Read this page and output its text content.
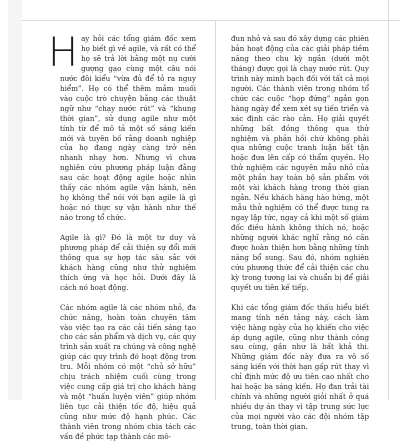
H ay hỏi các tổng giám đốc xem họ biết gì về agile, và rất có thể họ sẽ trả lời bằng một nụ cười gượng gạo cùng một câu nói nước đôi kiểu “vừa đủ để tỏ ra nguy hiểm”. Họ có thể thêm mắm muối vào cuộc trò chuyện bằng các thuật ngữ như “chạy nước rút” và “khung thời gian”, sử dụng agile như một tính từ để mô tả một số sáng kiến mới và tuyên bố rằng doanh nghiệp của họ đang ngày càng trở nên nhanh nhạy hơn. Nhưng vì chưa nghiên cứu phương pháp luận đằng sau các hoạt động agile hoặc nhìn thấy các nhóm agile vận hành, nên họ không thể nói với bạn agile là gì hoặc nó thực sự vận hành như thế nào trong tổ chức.

Agile là gì? Đó là một tư duy và phương pháp để cải thiện sự đổi mới thông qua sự hợp tác sâu sắc với khách hàng cũng như thử nghiệm thích ứng và học hỏi. Dưới đây là cách nó hoạt động.

Các nhóm agile là các nhóm nhỏ, đa chức năng, hoàn toàn chuyên tâm vào việc tạo ra các cải tiến sáng tạo cho các sản phẩm và dịch vụ, các quy trình sản xuất ra chúng và công nghệ giúp các quy trình đó hoạt động trơn tru. Mỗi nhóm có một “chủ sở hữu” chịu trách nhiệm cuối cùng trong việc cung cấp giá trị cho khách hàng và một “huấn luyện viên” giúp nhóm liên tục cải thiện tốc độ, hiệu quả cũng như mức độ hạnh phúc. Các thành viên trong nhóm chia tách các vấn đề phức tạp thành các mô-

đun nhỏ và sau đó xây dựng các phiên bản hoạt động của các giải pháp tiềm năng theo chu kỳ ngắn (dưới một tháng) được gọi là chạy nước rút. Quy trình này minh bạch đối với tất cả mọi người. Các thành viên trong nhóm tổ chức các cuộc “họp đứng” ngắn gọn hàng ngày để xem xét sự tiến triển và xác định các rào cản. Họ giải quyết những bất đồng thông qua thử nghiệm và phản hồi chứ không phải qua những cuộc tranh luận bất tận hoặc đưa lên cấp có thẩm quyền. Họ thử nghiệm các nguyên mẫu nhỏ của một phần hay toàn bộ sản phẩm với một vài khách hàng trong thời gian ngắn. Nếu khách hàng hào hứng, một mẫu thử nghiệm có thể được tung ra ngay lập tức, ngay cả khi một số giám đốc điều hành không thích nó, hoặc những người khác nghĩ rằng nó cần được hoàn thiện hơn bằng những tính năng bổ sung. Sau đó, nhóm nghiên cứu phương thức để cải thiện các chu kỳ trong tương lai và chuẩn bị để giải quyết ưu tiên kế tiếp.

Khi các tổng giám đốc thấu hiểu biết mang tính nền tảng này, cách làm việc hàng ngày của họ khiến cho việc áp dụng agile, cũng như thành công sau cùng, gần như là bất khả thi. Những giám đốc này đưa ra vô số sáng kiến với thời hạn gấp rút thay vì chỉ định mức độ ưu tiên cao nhất cho hai hoặc ba sáng kiến. Họ đan trải tài chính và những người giỏi nhất ở quá nhiều dự án thay vì tập trung sức lực của mọi người vào các đội nhóm tập trung, toàn thời gian.
